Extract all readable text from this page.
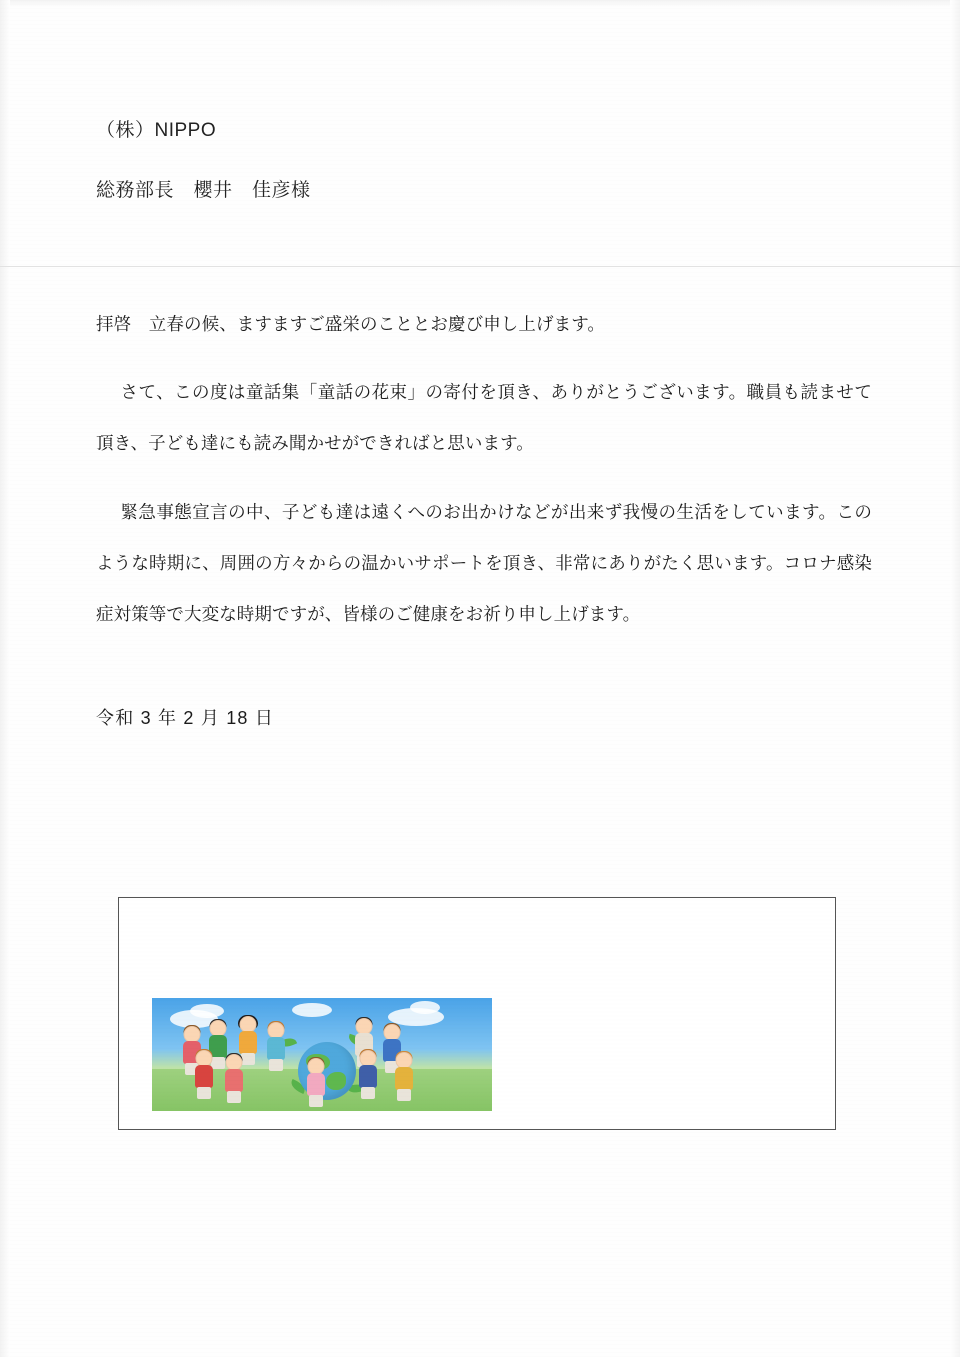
（株）NIPPO
総務部長　櫻井　佳彦様

拝啓　立春の候、ますますご盛栄のこととお慶び申し上げます。

さて、この度は童話集「童話の花束」の寄付を頂き、ありがとうございます。職員も読ませて頂き、子ども達にも読み聞かせができればと思います。

緊急事態宣言の中、子ども達は遠くへのお出かけなどが出来ず我慢の生活をしています。このような時期に、周囲の方々からの温かいサポートを頂き、非常にありがたく思います。コロナ感染症対策等で大変な時期ですが、皆様のご健康をお祈り申し上げます。

令和 3 年 2 月 18 日
